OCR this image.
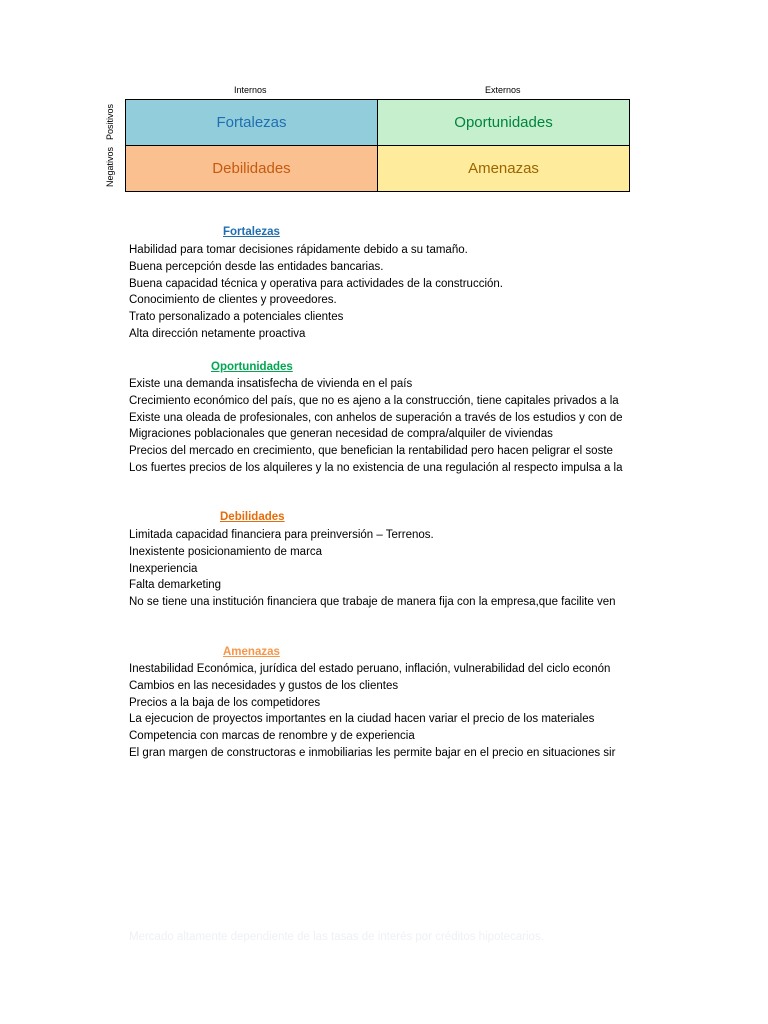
Internos	Externos
Positivos
Negativos
Fortalezas	Oportunidades
Debilidades	Amenazas
Fortalezas
Habilidad para tomar decisiones rápidamente debido a su tamaño.
Buena percepción desde las entidades bancarias.
Buena capacidad técnica y operativa para actividades de la construcción.
Conocimiento de clientes y proveedores.
Trato personalizado a potenciales clientes
Alta dirección netamente proactiva
Oportunidades
Existe una demanda insatisfecha de vivienda en el país
Crecimiento económico del país, que no es ajeno a la construcción, tiene capitales privados a la
Existe una oleada de profesionales, con anhelos de superación a través de los estudios y con de
Migraciones poblacionales que generan necesidad de compra/alquiler de viviendas
Precios del mercado en crecimiento, que benefician la rentabilidad pero hacen peligrar el soste
Los fuertes precios de los alquileres y la no existencia de una regulación al respecto impulsa a la
Debilidades
Limitada capacidad financiera para preinversión – Terrenos.
Inexistente posicionamiento de marca
Inexperiencia
Falta demarketing
No se tiene una institución financiera que trabaje de manera fija con la empresa,que facilite ven
Amenazas
Inestabilidad Económica, jurídica del estado peruano, inflación, vulnerabilidad del ciclo econón
Cambios en las necesidades y gustos de los clientes
Precios a la baja de los competidores
La ejecucion de proyectos importantes en la ciudad hacen variar el precio de los materiales
Competencia con marcas de renombre y de experiencia
El gran margen de constructoras e inmobiliarias les permite bajar en el precio en situaciones sir
Mercado altamente dependiente de las tasas de interés por créditos hipotecarios.
